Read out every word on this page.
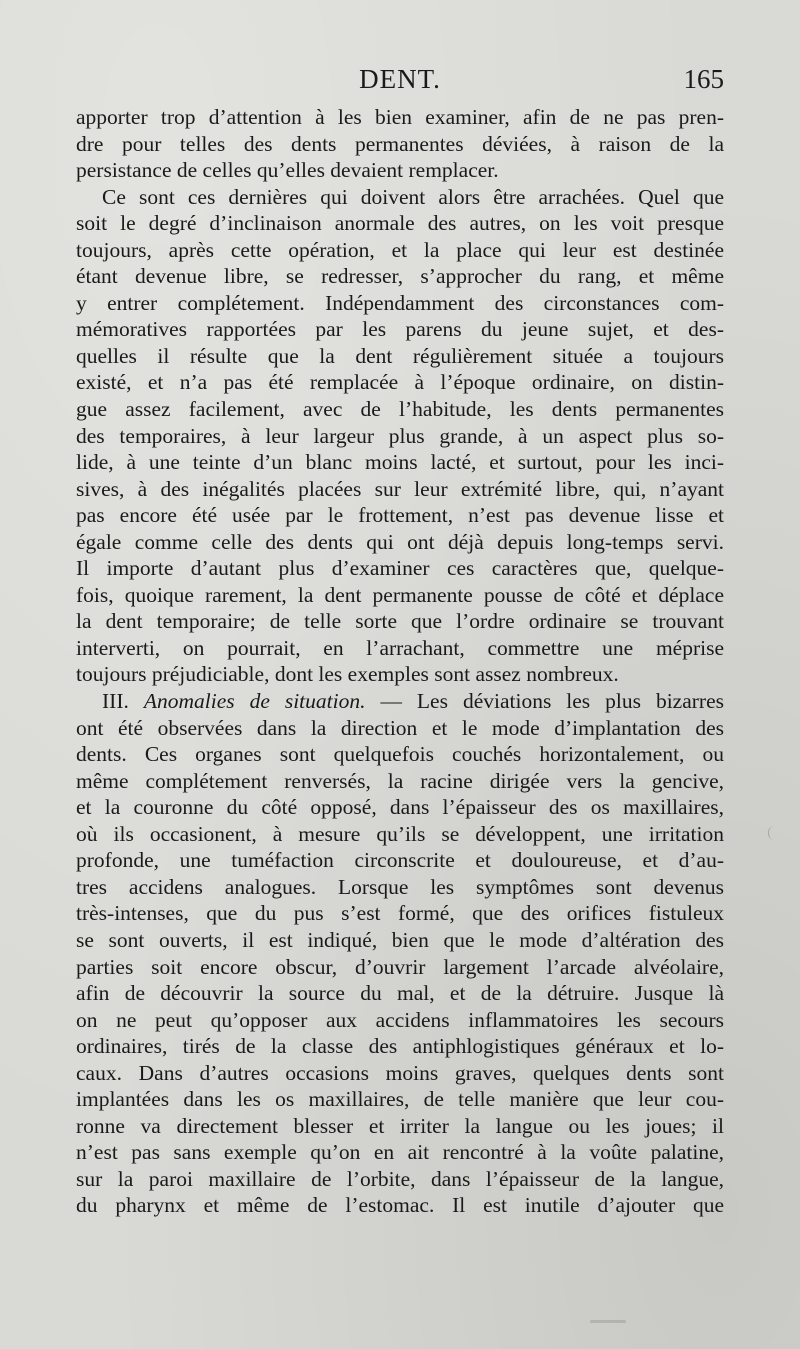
DENT.	165
apporter trop d’attention à les bien examiner, afin de ne pas pren-
dre pour telles des dents permanentes déviées, à raison de la
persistance de celles qu’elles devaient remplacer.
Ce sont ces dernières qui doivent alors être arrachées. Quel que
soit le degré d’inclinaison anormale des autres, on les voit presque
toujours, après cette opération, et la place qui leur est destinée
étant devenue libre, se redresser, s’approcher du rang, et même
y entrer complétement. Indépendamment des circonstances com-
mémoratives rapportées par les parens du jeune sujet, et des-
quelles il résulte que la dent régulièrement située a toujours
existé, et n’a pas été remplacée à l’époque ordinaire, on distin-
gue assez facilement, avec de l’habitude, les dents permanentes
des temporaires, à leur largeur plus grande, à un aspect plus so-
lide, à une teinte d’un blanc moins lacté, et surtout, pour les inci-
sives, à des inégalités placées sur leur extrémité libre, qui, n’ayant
pas encore été usée par le frottement, n’est pas devenue lisse et
égale comme celle des dents qui ont déjà depuis long-temps servi.
Il importe d’autant plus d’examiner ces caractères que, quelque-
fois, quoique rarement, la dent permanente pousse de côté et déplace
la dent temporaire; de telle sorte que l’ordre ordinaire se trouvant
interverti, on pourrait, en l’arrachant, commettre une méprise
toujours préjudiciable, dont les exemples sont assez nombreux.
III. Anomalies de situation. — Les déviations les plus bizarres
ont été observées dans la direction et le mode d’implantation des
dents. Ces organes sont quelquefois couchés horizontalement, ou
même complétement renversés, la racine dirigée vers la gencive,
et la couronne du côté opposé, dans l’épaisseur des os maxillaires,
où ils occasionent, à mesure qu’ils se développent, une irritation
profonde, une tuméfaction circonscrite et douloureuse, et d’au-
tres accidens analogues. Lorsque les symptômes sont devenus
très-intenses, que du pus s’est formé, que des orifices fistuleux
se sont ouverts, il est indiqué, bien que le mode d’altération des
parties soit encore obscur, d’ouvrir largement l’arcade alvéolaire,
afin de découvrir la source du mal, et de la détruire. Jusque là
on ne peut qu’opposer aux accidens inflammatoires les secours
ordinaires, tirés de la classe des antiphlogistiques généraux et lo-
caux. Dans d’autres occasions moins graves, quelques dents sont
implantées dans les os maxillaires, de telle manière que leur cou-
ronne va directement blesser et irriter la langue ou les joues; il
n’est pas sans exemple qu’on en ait rencontré à la voûte palatine,
sur la paroi maxillaire de l’orbite, dans l’épaisseur de la langue,
du pharynx et même de l’estomac. Il est inutile d’ajouter que
